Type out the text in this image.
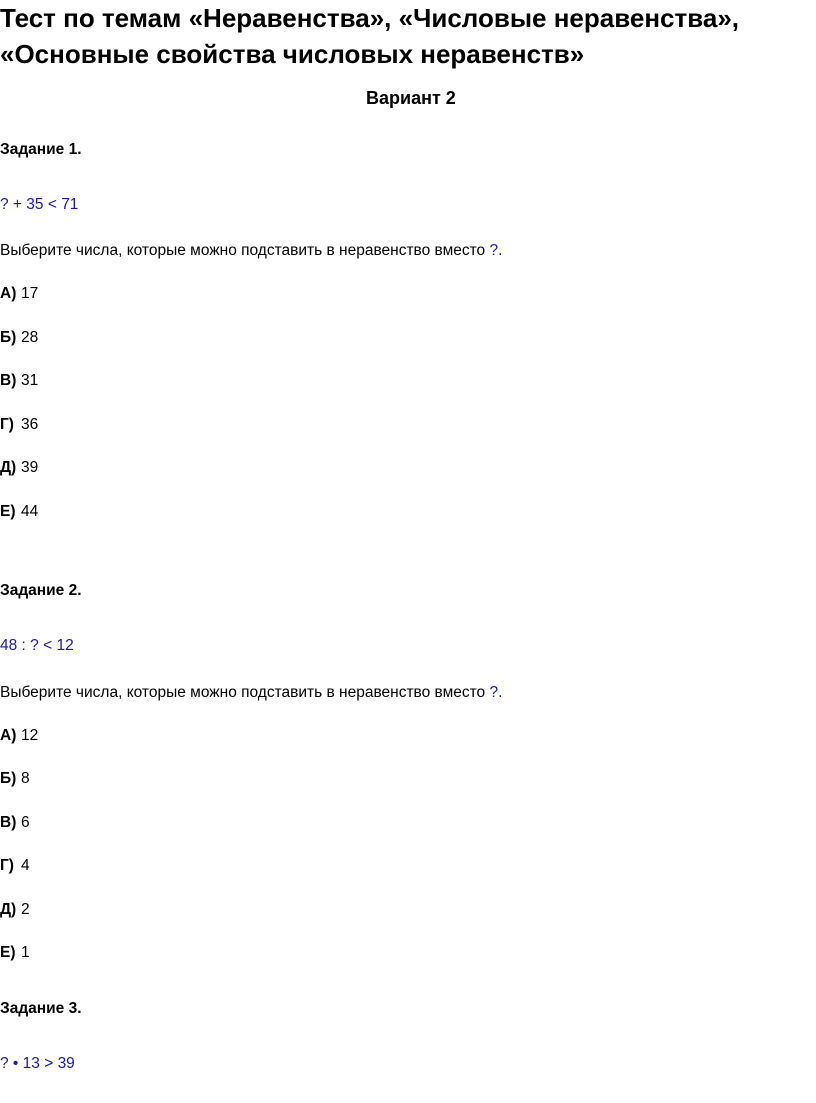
Тест по темам «Неравенства», «Числовые неравенства»,
«Основные свойства числовых неравенств»
Вариант 2
Задание 1.
? + 35 < 71
Выберите числа, которые можно подставить в неравенство вместо ?.
А) 17
Б) 28
В) 31
Г) 36
Д) 39
Е) 44
Задание 2.
48 : ? < 12
Выберите числа, которые можно подставить в неравенство вместо ?.
А) 12
Б) 8
В) 6
Г) 4
Д) 2
Е) 1
Задание 3.
? • 13 > 39
